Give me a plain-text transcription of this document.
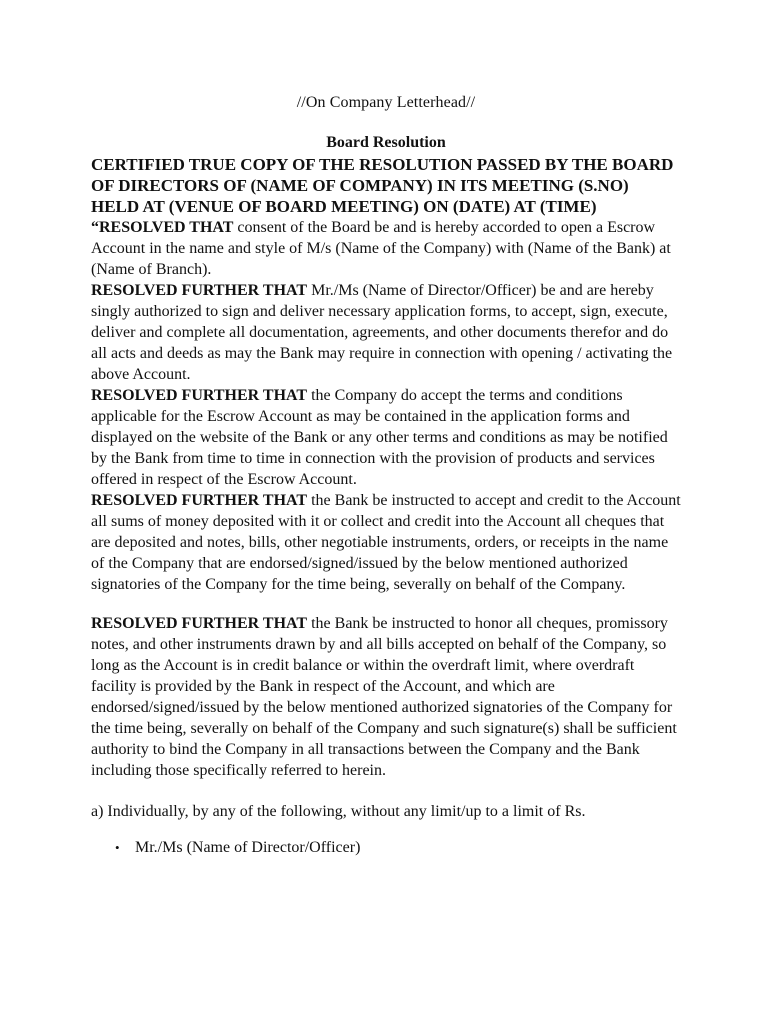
//On Company Letterhead//

Board Resolution

CERTIFIED TRUE COPY OF THE RESOLUTION PASSED BY THE BOARD OF DIRECTORS OF (NAME OF COMPANY) IN ITS MEETING (S.NO) HELD AT (VENUE OF BOARD MEETING) ON (DATE) AT (TIME)

“RESOLVED THAT consent of the Board be and is hereby accorded to open a Escrow Account in the name and style of M/s (Name of the Company) with (Name of the Bank) at (Name of Branch).

RESOLVED FURTHER THAT Mr./Ms (Name of Director/Officer) be and are hereby singly authorized to sign and deliver necessary application forms, to accept, sign, execute, deliver and complete all documentation, agreements, and other documents therefor and do all acts and deeds as may the Bank may require in connection with opening / activating the above Account.

RESOLVED FURTHER THAT the Company do accept the terms and conditions applicable for the Escrow Account as may be contained in the application forms and displayed on the website of the Bank or any other terms and conditions as may be notified by the Bank from time to time in connection with the provision of products and services offered in respect of the Escrow Account.

RESOLVED FURTHER THAT the Bank be instructed to accept and credit to the Account all sums of money deposited with it or collect and credit into the Account all cheques that are deposited and notes, bills, other negotiable instruments, orders, or receipts in the name of the Company that are endorsed/signed/issued by the below mentioned authorized signatories of the Company for the time being, severally on behalf of the Company.

RESOLVED FURTHER THAT the Bank be instructed to honor all cheques, promissory notes, and other instruments drawn by and all bills accepted on behalf of the Company, so long as the Account is in credit balance or within the overdraft limit, where overdraft facility is provided by the Bank in respect of the Account, and which are endorsed/signed/issued by the below mentioned authorized signatories of the Company for the time being, severally on behalf of the Company and such signature(s) shall be sufficient authority to bind the Company in all transactions between the Company and the Bank including those specifically referred to herein.

a) Individually, by any of the following, without any limit/up to a limit of Rs.

• Mr./Ms (Name of Director/Officer)
